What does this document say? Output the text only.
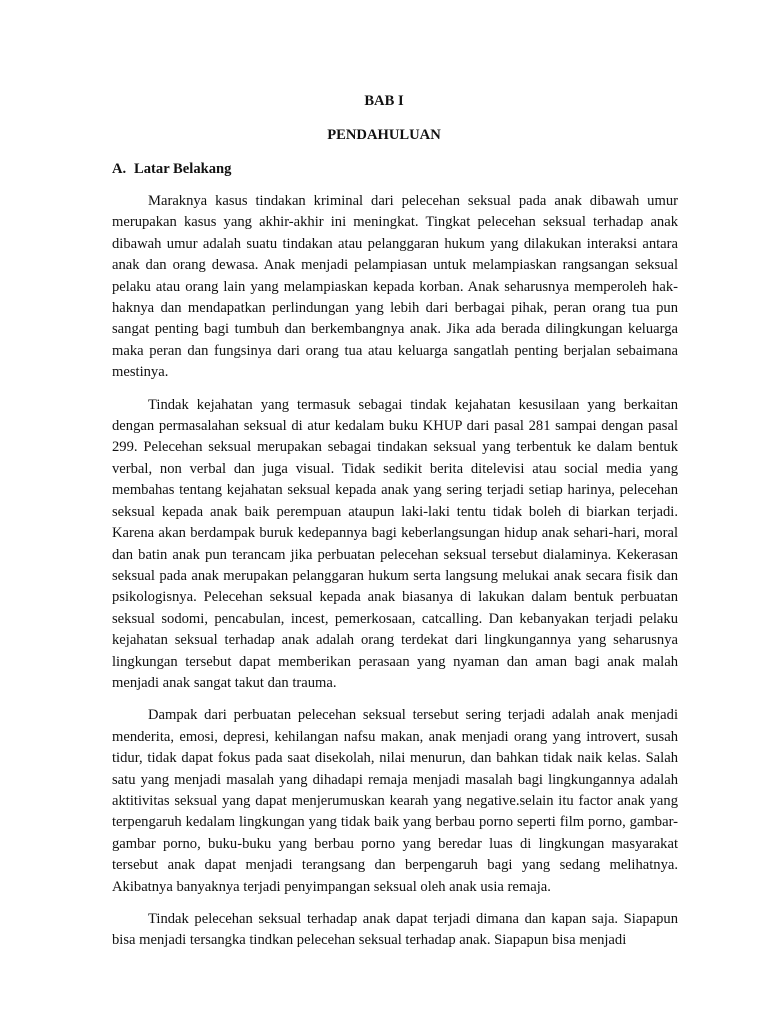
BAB I
PENDAHULUAN
A. Latar Belakang

Maraknya kasus tindakan kriminal dari pelecehan seksual pada anak dibawah umur merupakan kasus yang akhir-akhir ini meningkat. Tingkat pelecehan seksual terhadap anak dibawah umur adalah suatu tindakan atau pelanggaran hukum yang dilakukan interaksi antara anak dan orang dewasa. Anak menjadi pelampiasan untuk melampiaskan rangsangan seksual pelaku atau orang lain yang melampiaskan kepada korban. Anak seharusnya memperoleh hak-haknya dan mendapatkan perlindungan yang lebih dari berbagai pihak, peran orang tua pun sangat penting bagi tumbuh dan berkembangnya anak. Jika ada berada dilingkungan keluarga maka peran dan fungsinya dari orang tua atau keluarga sangatlah penting berjalan sebaimana mestinya.

Tindak kejahatan yang termasuk sebagai tindak kejahatan kesusilaan yang berkaitan dengan permasalahan seksual di atur kedalam buku KHUP dari pasal 281 sampai dengan pasal 299. Pelecehan seksual merupakan sebagai tindakan seksual yang terbentuk ke dalam bentuk verbal, non verbal dan juga visual. Tidak sedikit berita ditelevisi atau social media yang membahas tentang kejahatan seksual kepada anak yang sering terjadi setiap harinya, pelecehan seksual kepada anak baik perempuan ataupun laki-laki tentu tidak boleh di biarkan terjadi. Karena akan berdampak buruk kedepannya bagi keberlangsungan hidup anak sehari-hari, moral dan batin anak pun terancam jika perbuatan pelecehan seksual tersebut dialaminya. Kekerasan seksual pada anak merupakan pelanggaran hukum serta langsung melukai anak secara fisik dan psikologisnya. Pelecehan seksual kepada anak biasanya di lakukan dalam bentuk perbuatan seksual sodomi, pencabulan, incest, pemerkosaan, catcalling. Dan kebanyakan terjadi pelaku kejahatan seksual terhadap anak adalah orang terdekat dari lingkungannya yang seharusnya lingkungan tersebut dapat memberikan perasaan yang nyaman dan aman bagi anak malah menjadi anak sangat takut dan trauma.

Dampak dari perbuatan pelecehan seksual tersebut sering terjadi adalah anak menjadi menderita, emosi, depresi, kehilangan nafsu makan, anak menjadi orang yang introvert, susah tidur, tidak dapat fokus pada saat disekolah, nilai menurun, dan bahkan tidak naik kelas. Salah satu yang menjadi masalah yang dihadapi remaja menjadi masalah bagi lingkungannya adalah aktitivitas seksual yang dapat menjerumuskan kearah yang negative.selain itu factor anak yang terpengaruh kedalam lingkungan yang tidak baik yang berbau porno seperti film porno, gambar-gambar porno, buku-buku yang berbau porno yang beredar luas di lingkungan masyarakat tersebut anak dapat menjadi terangsang dan berpengaruh bagi yang sedang melihatnya. Akibatnya banyaknya terjadi penyimpangan seksual oleh anak usia remaja.

Tindak pelecehan seksual terhadap anak dapat terjadi dimana dan kapan saja. Siapapun bisa menjadi tersangka tindkan pelecehan seksual terhadap anak. Siapapun bisa menjadi
